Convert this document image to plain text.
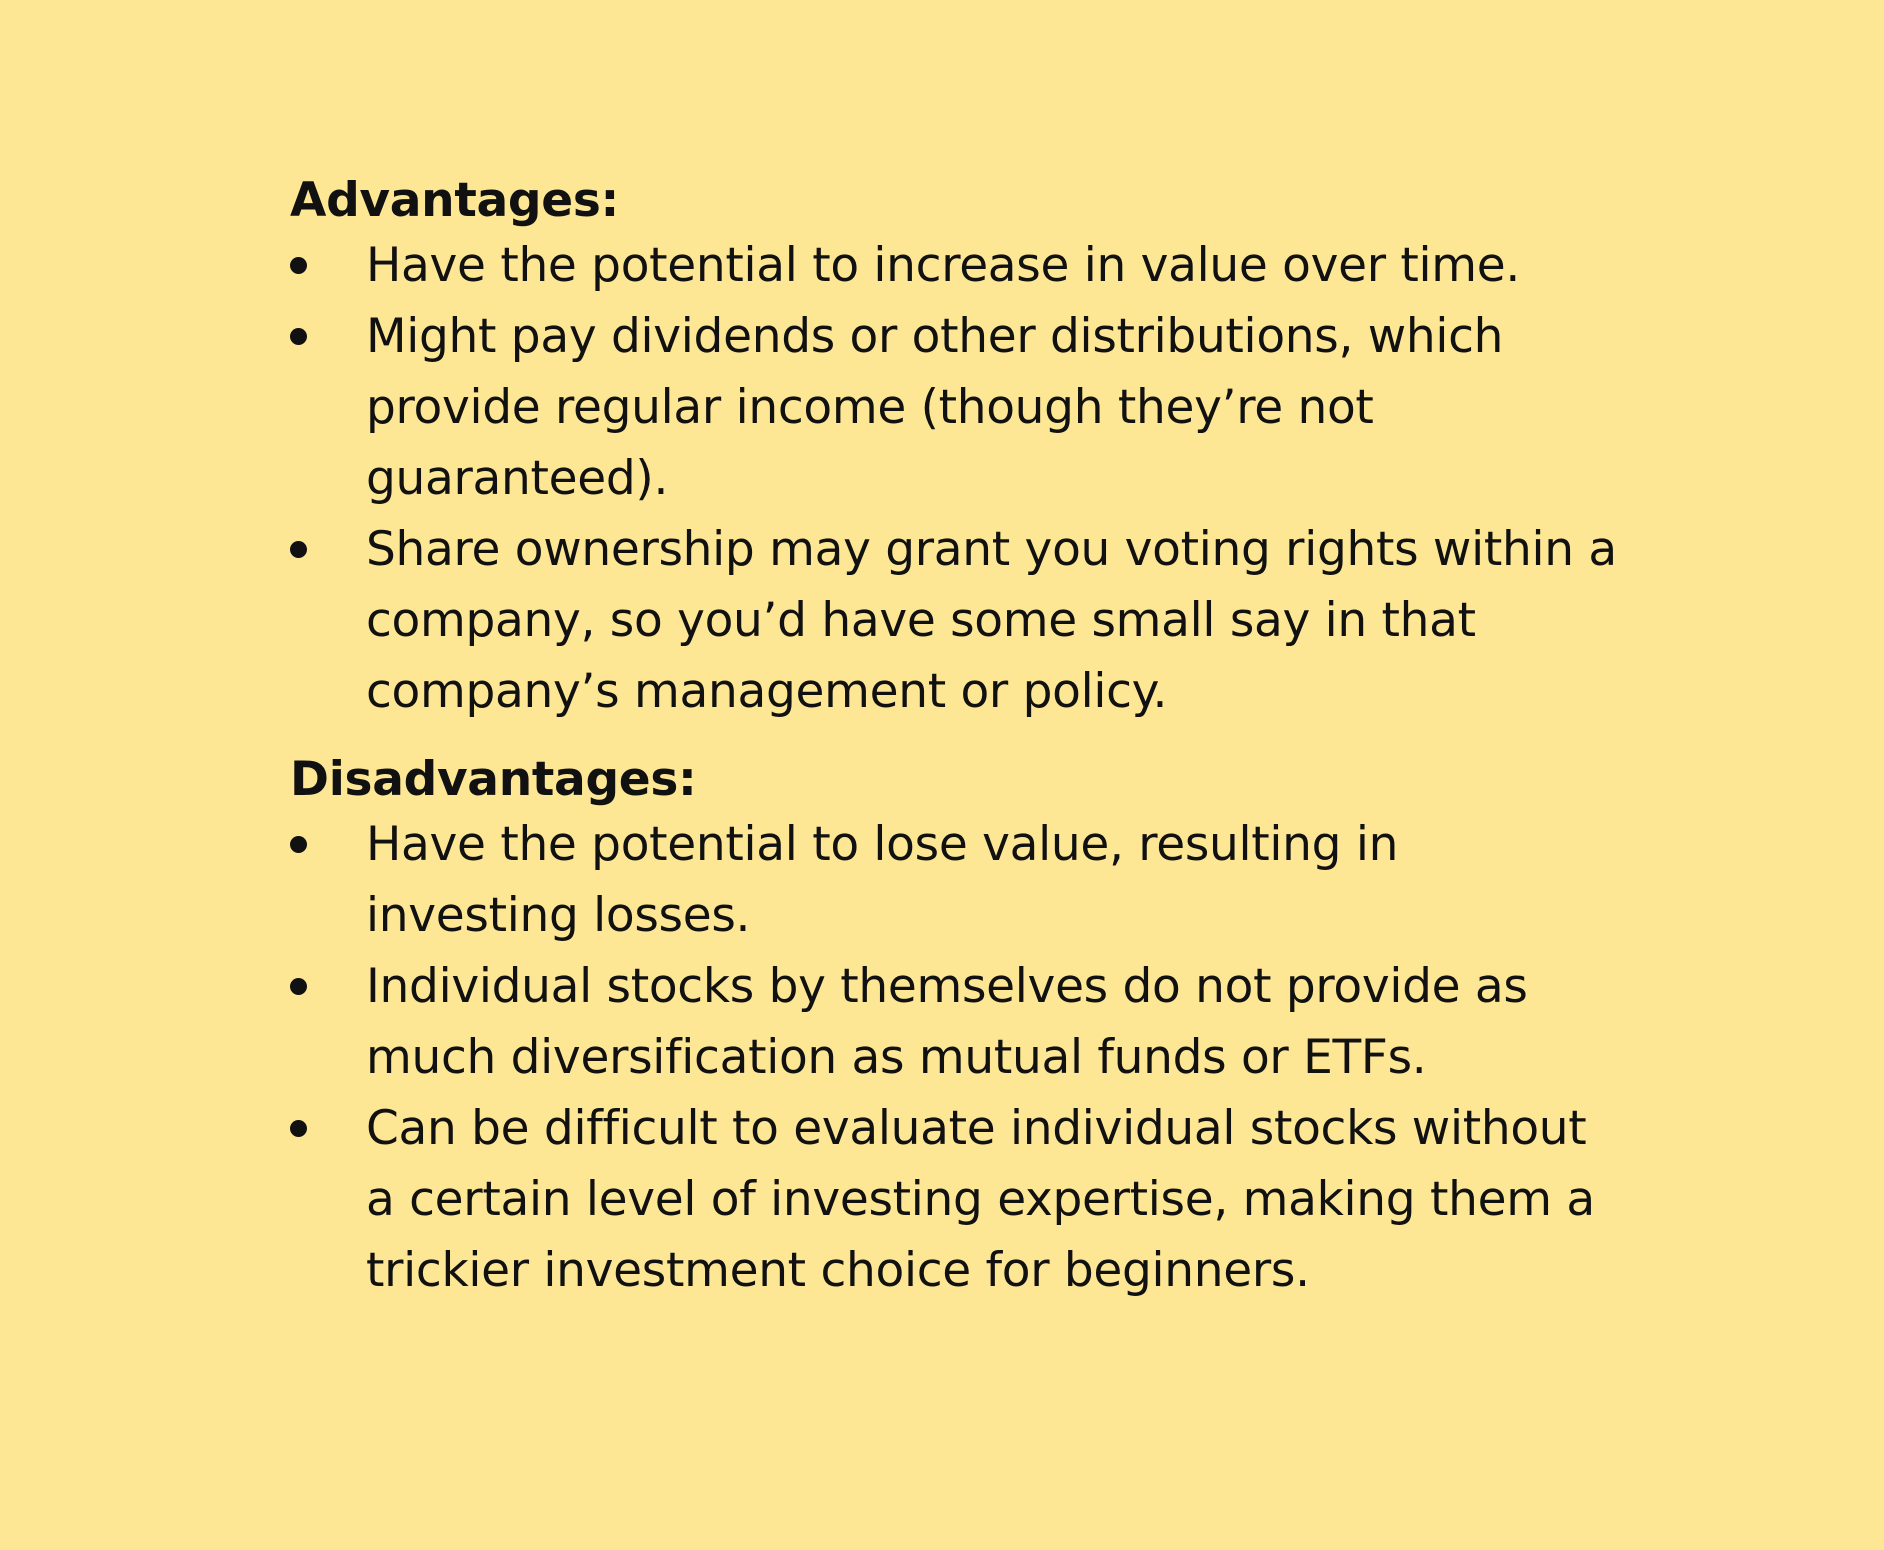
Advantages:
Have the potential to increase in value over time.
Might pay dividends or other distributions, which provide regular income (though they’re not guaranteed).
Share ownership may grant you voting rights within a company, so you’d have some small say in that company’s management or policy.
Disadvantages:
Have the potential to lose value, resulting in investing losses.
Individual stocks by themselves do not provide as much diversification as mutual funds or ETFs.
Can be difficult to evaluate individual stocks without a certain level of investing expertise, making them a trickier investment choice for beginners.
